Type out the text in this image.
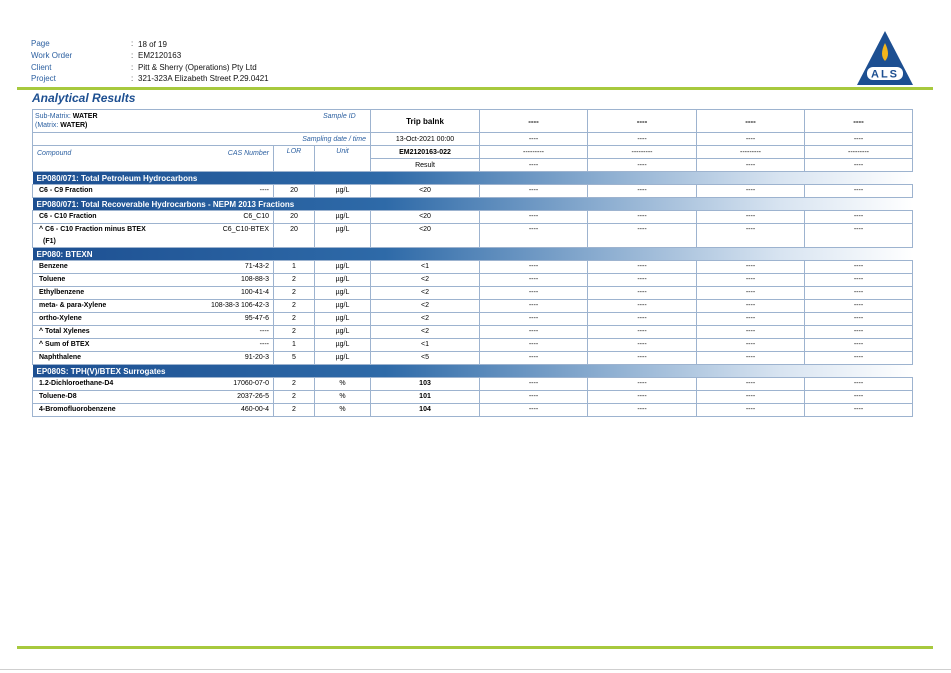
Page	: 18 of 19
Work Order	: EM2120163
Client	: Pitt & Sherry (Operations) Pty Ltd
Project	: 321-323A Elizabeth Street P.29.0421	ALS
Analytical Results
Sub-Matrix: WATER
(Matrix: WATER)
Sample ID			Trip balnk	----	----	----	----
Sampling date / time			13-Oct-2021 00:00	----	----	----	----

Compound CAS Number	LOR	Unit	EM2120163-022	---------	---------	---------	---------
			Result	----	----	----	----
EP080/071: Total Petroleum Hydrocarbons							

C6 - C9 Fraction ----	20	µg/L	<20	----	----	----	----
EP080/071: Total Recoverable Hydrocarbons - NEPM 2013 Fractions							

C6 - C10 Fraction C6_C10	20	µg/L	<20	----	----	----	----

^ C6 - C10 Fraction minus BTEX
(F1)
C6_C10-BTEX	20	µg/L	<20	----	----	----	----
EP080: BTEXN							

Benzene 71-43-2	1	µg/L	<1	----	----	----	----

Toluene 108-88-3	2	µg/L	<2	----	----	----	----

Ethylbenzene 100-41-4	2	µg/L	<2	----	----	----	----

meta- & para-Xylene 108-38-3 106-42-3	2	µg/L	<2	----	----	----	----

ortho-Xylene 95-47-6	2	µg/L	<2	----	----	----	----

^ Total Xylenes ----	2	µg/L	<2	----	----	----	----

^ Sum of BTEX ----	1	µg/L	<1	----	----	----	----

Naphthalene 91-20-3	5	µg/L	<5	----	----	----	----
EP080S: TPH(V)/BTEX Surrogates							

1.2-Dichloroethane-D4 17060-07-0	2	%	103	----	----	----	----

Toluene-D8 2037-26-5	2	%	101	----	----	----	----

4-Bromofluorobenzene 460-00-4	2	%	104	----	----	----	----
